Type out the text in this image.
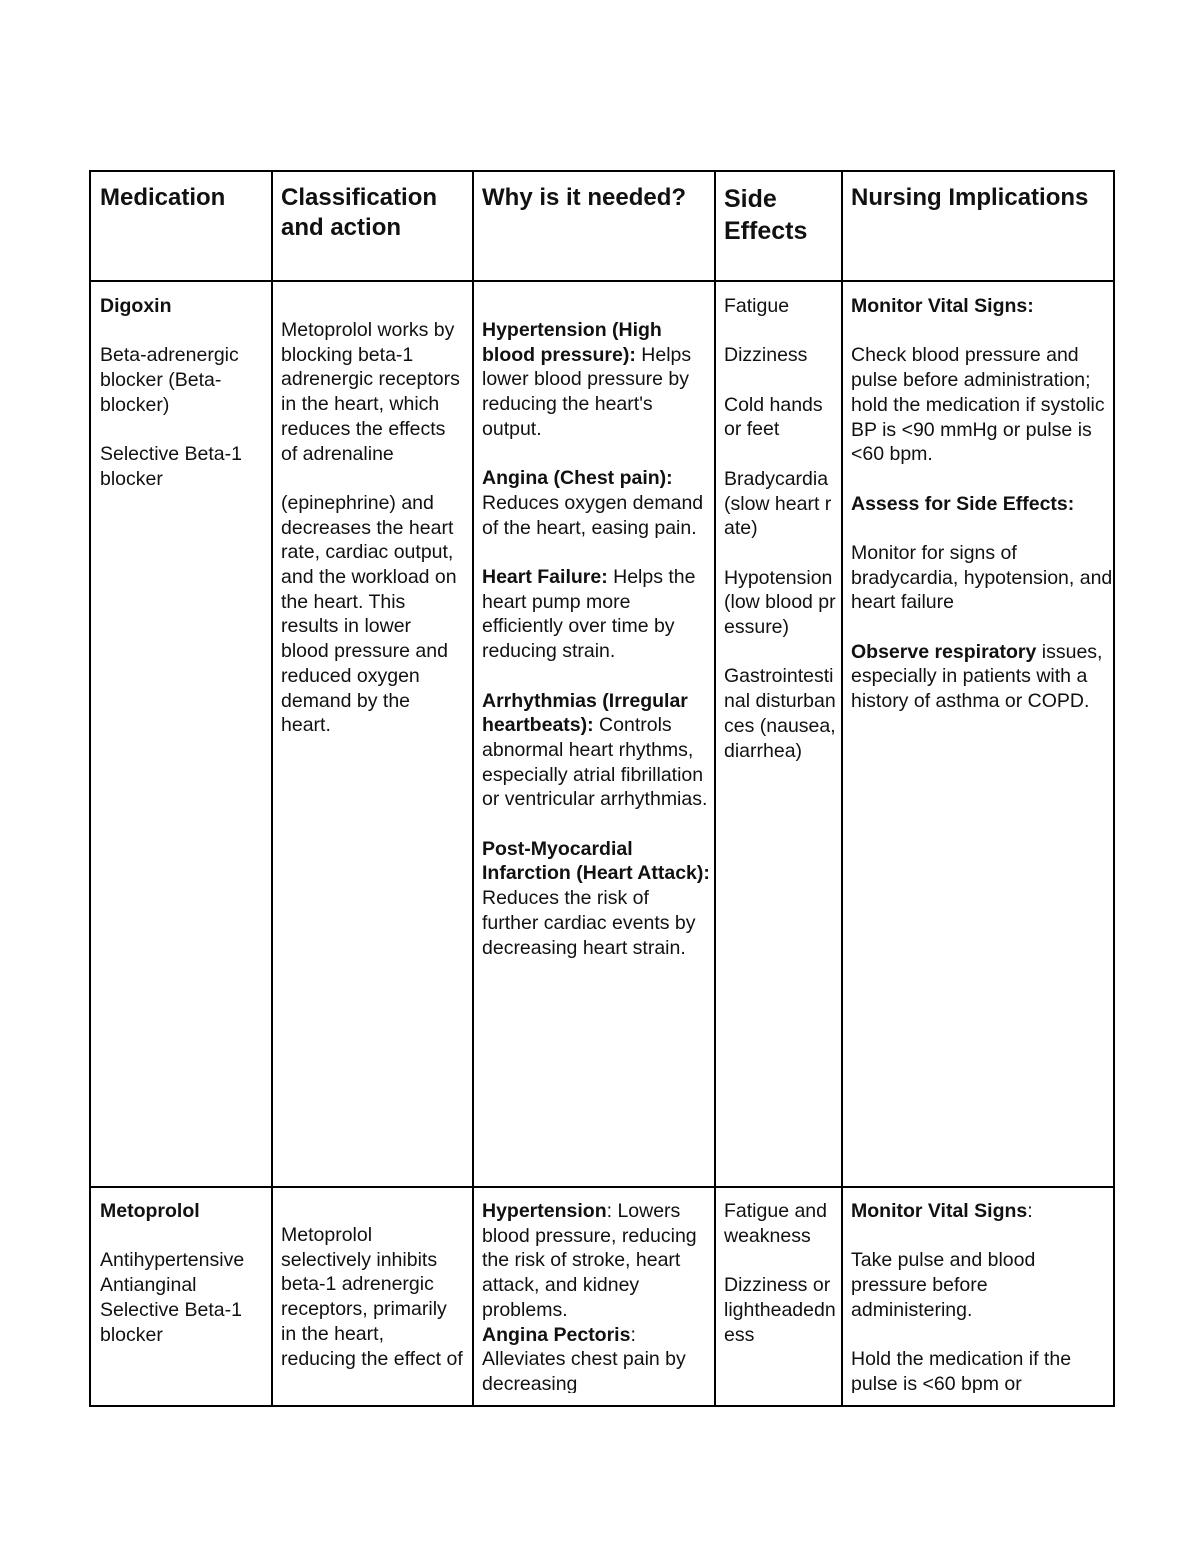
Medication	Classification and action
Why is it needed?	Side Effects
Nursing Implications

Digoxin

Beta-adrenergic blocker (Beta-blocker)

Selective Beta-1 blocker

Metoprolol works by blocking beta-1 adrenergic receptors in the heart, which reduces the effects of adrenaline

(epinephrine) and decreases the heart rate, cardiac output, and the workload on the heart. This results in lower blood pressure and reduced oxygen demand by the heart.

Hypertension (High blood pressure): Helps lower blood pressure by reducing the heart's output.

Angina (Chest pain): Reduces oxygen demand of the heart, easing pain.

Heart Failure: Helps the heart pump more efficiently over time by reducing strain.

Arrhythmias (Irregular heartbeats): Controls abnormal heart rhythms, especially atrial fibrillation or ventricular arrhythmias.

Post-Myocardial Infarction (Heart Attack): Reduces the risk of further cardiac events by decreasing heart strain.

Fatigue

Dizziness

Cold hands or feet

Bradycardia (slow heart rate)

Hypotension (low blood pressure)

Gastrointestinal disturbances (nausea, diarrhea)

Monitor Vital Signs:

Check blood pressure and pulse before administration; hold the medication if systolic BP is <90 mmHg or pulse is <60 bpm.

Assess for Side Effects:

Monitor for signs of bradycardia, hypotension, and heart failure

Observe respiratory issues, especially in patients with a history of asthma or COPD.

Metoprolol

Antihypertensive Antianginal Selective Beta-1 blocker

Metoprolol selectively inhibits beta-1 adrenergic receptors, primarily in the heart, reducing the effect of

Hypertension: Lowers blood pressure, reducing the risk of stroke, heart attack, and kidney problems.

Angina Pectoris: Alleviates chest pain by decreasing

Fatigue and weakness

Dizziness or lightheadedness

Monitor Vital Signs:

Take pulse and blood pressure before administering.

Hold the medication if the pulse is <60 bpm or
